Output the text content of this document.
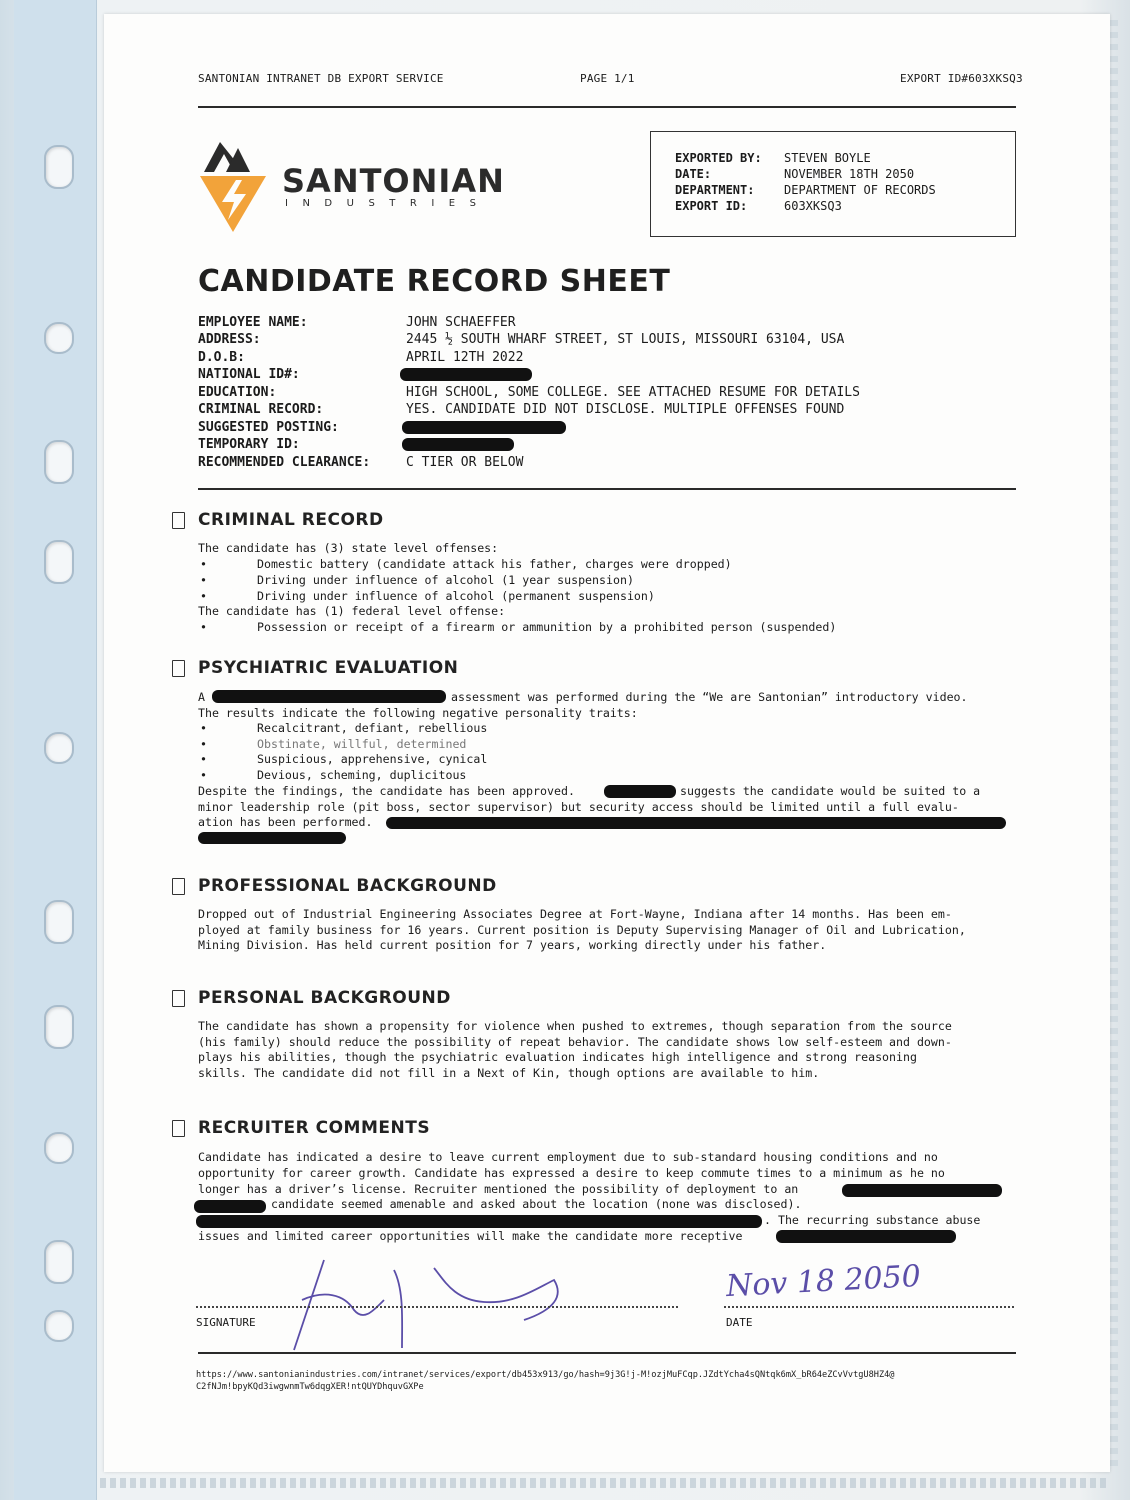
SANTONIAN INTRANET DB EXPORT SERVICE	PAGE 1/1	EXPORT ID#603XKSQ3
SANTONIAN
INDUSTRIES
EXPORTED BY: STEVEN BOYLE
DATE:	NOVEMBER 18TH 2050
DEPARTMENT: DEPARTMENT OF RECORDS
EXPORT ID:	603XKSQ3
CANDIDATE RECORD SHEET
EMPLOYEE NAME:	JOHN SCHAEFFER
ADDRESS:	2445 ½ SOUTH WHARF STREET, ST LOUIS, MISSOURI 63104, USA
D.O.B:	APRIL 12TH 2022
NATIONAL ID#:
EDUCATION:	HIGH SCHOOL, SOME COLLEGE. SEE ATTACHED RESUME FOR DETAILS
CRIMINAL RECORD:	YES. CANDIDATE DID NOT DISCLOSE. MULTIPLE OFFENSES FOUND
SUGGESTED POSTING:
TEMPORARY ID:
RECOMMENDED CLEARANCE:	C TIER OR BELOW
CRIMINAL RECORD
The candidate has (3) state level offenses:
•	Domestic battery (candidate attack his father, charges were dropped)
•	Driving under influence of alcohol (1 year suspension)
•	Driving under influence of alcohol (permanent suspension)
The candidate has (1) federal level offense:
•	Possession or receipt of a firearm or ammunition by a prohibited person (suspended)
PSYCHIATRIC EVALUATION
A	assessment was performed during the “We are Santonian” introductory video.
The results indicate the following negative personality traits:
•	Recalcitrant, defiant, rebellious
•	Obstinate, willful, determined
•	Suspicious, apprehensive, cynical
•	Devious, scheming, duplicitous
Despite the findings, the candidate has been approved.	suggests the candidate would be suited to a
minor leadership role (pit boss, sector supervisor) but security access should be limited until a full evalu-
ation has been performed.
PROFESSIONAL BACKGROUND
Dropped out of Industrial Engineering Associates Degree at Fort-Wayne, Indiana after 14 months. Has been em-
ployed at family business for 16 years. Current position is Deputy Supervising Manager of Oil and Lubrication,
Mining Division. Has held current position for 7 years, working directly under his father.
PERSONAL BACKGROUND
The candidate has shown a propensity for violence when pushed to extremes, though separation from the source
(his family) should reduce the possibility of repeat behavior. The candidate shows low self-esteem and down-
plays his abilities, though the psychiatric evaluation indicates high intelligence and strong reasoning
skills. The candidate did not fill in a Next of Kin, though options are available to him.
RECRUITER COMMENTS
Candidate has indicated a desire to leave current employment due to sub-standard housing conditions and no
opportunity for career growth. Candidate has expressed a desire to keep commute times to a minimum as he no
longer has a driver’s license. Recruiter mentioned the possibility of deployment to an
candidate seemed amenable and asked about the location (none was disclosed).
. The recurring substance abuse
issues and limited career opportunities will make the candidate more receptive
Nov 18 2050
SIGNATURE	DATE
https://www.santonianindustries.com/intranet/services/export/db453x913/go/hash=9j3G!j-M!ozjMuFCqp.JZdtYcha4sQNtqk6mX_bR64eZCvVvtgU8HZ4@
C2fNJm!bpyKQd3iwgwnmTw6dqgXER!ntQUYDhquvGXPe
